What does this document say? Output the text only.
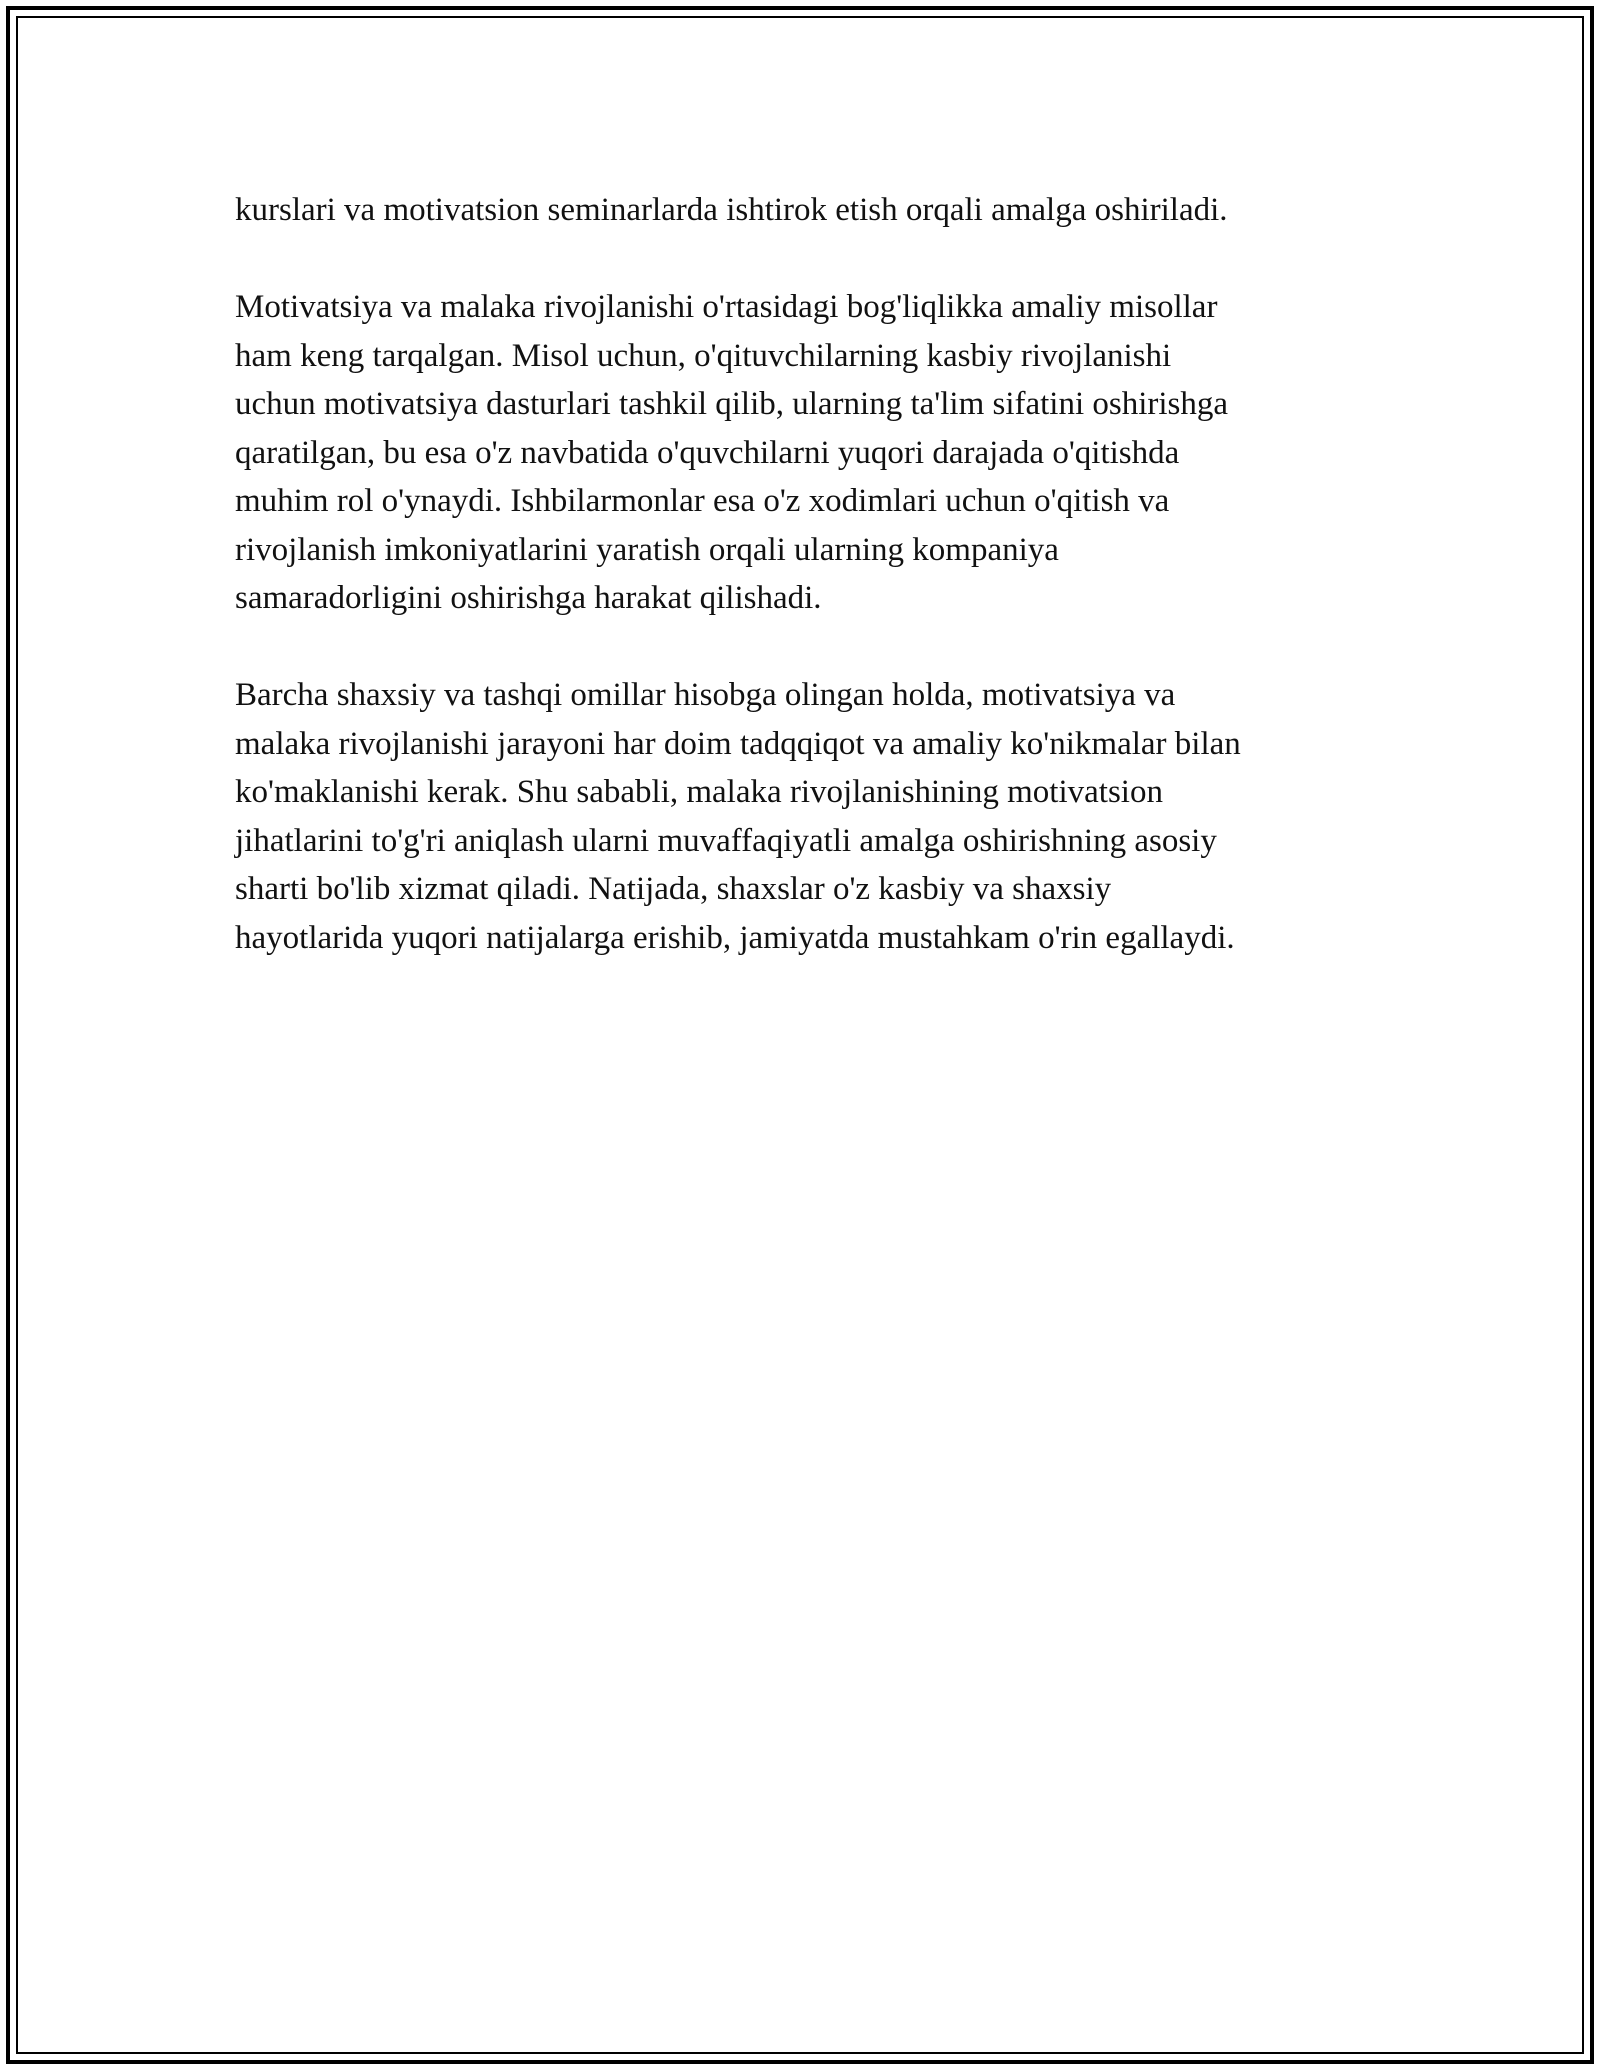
kurslari va motivatsion seminarlarda ishtirok etish orqali amalga oshiriladi.

Motivatsiya va malaka rivojlanishi o'rtasidagi bog'liqlikka amaliy misollar
ham keng tarqalgan. Misol uchun, o'qituvchilarning kasbiy rivojlanishi
uchun motivatsiya dasturlari tashkil qilib, ularning ta'lim sifatini oshirishga
qaratilgan, bu esa o'z navbatida o'quvchilarni yuqori darajada o'qitishda
muhim rol o'ynaydi. Ishbilarmonlar esa o'z xodimlari uchun o'qitish va
rivojlanish imkoniyatlarini yaratish orqali ularning kompaniya
samaradorligini oshirishga harakat qilishadi.

Barcha shaxsiy va tashqi omillar hisobga olingan holda, motivatsiya va
malaka rivojlanishi jarayoni har doim tadqqiqot va amaliy ko'nikmalar bilan
ko'maklanishi kerak. Shu sababli, malaka rivojlanishining motivatsion
jihatlarini to'g'ri aniqlash ularni muvaffaqiyatli amalga oshirishning asosiy
sharti bo'lib xizmat qiladi. Natijada, shaxslar o'z kasbiy va shaxsiy
hayotlarida yuqori natijalarga erishib, jamiyatda mustahkam o'rin egallaydi.
